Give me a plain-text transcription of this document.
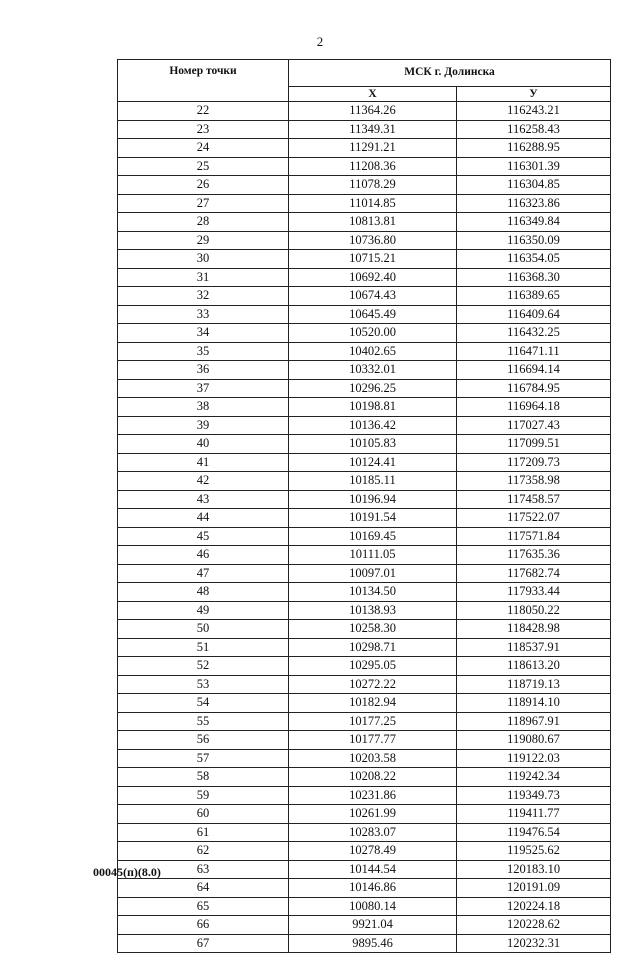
2
Номер точки	МСК г. Долинска	
	Х	У
22	11364.26	116243.21
23	11349.31	116258.43
24	11291.21	116288.95
25	11208.36	116301.39
26	11078.29	116304.85
27	11014.85	116323.86
28	10813.81	116349.84
29	10736.80	116350.09
30	10715.21	116354.05
31	10692.40	116368.30
32	10674.43	116389.65
33	10645.49	116409.64
34	10520.00	116432.25
35	10402.65	116471.11
36	10332.01	116694.14
37	10296.25	116784.95
38	10198.81	116964.18
39	10136.42	117027.43
40	10105.83	117099.51
41	10124.41	117209.73
42	10185.11	117358.98
43	10196.94	117458.57
44	10191.54	117522.07
45	10169.45	117571.84
46	10111.05	117635.36
47	10097.01	117682.74
48	10134.50	117933.44
49	10138.93	118050.22
50	10258.30	118428.98
51	10298.71	118537.91
52	10295.05	118613.20
53	10272.22	118719.13
54	10182.94	118914.10
55	10177.25	118967.91
56	10177.77	119080.67
57	10203.58	119122.03
58	10208.22	119242.34
59	10231.86	119349.73
60	10261.99	119411.77
61	10283.07	119476.54
62	10278.49	119525.62
63	10144.54	120183.10
64	10146.86	120191.09
65	10080.14	120224.18
66	9921.04	120228.62
67	9895.46	120232.31
00045(п)(8.0)
